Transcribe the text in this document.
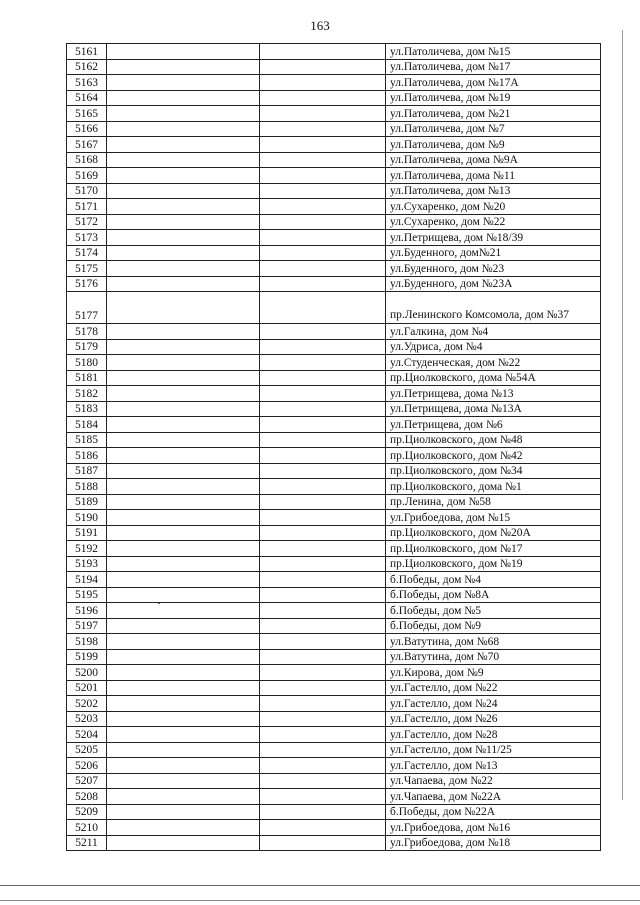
163
5161			ул.Патоличева, дом №15
5162			ул.Патоличева, дом №17
5163			ул.Патоличева, дом №17А
5164			ул.Патоличева, дом №19
5165			ул.Патоличева, дом №21
5166			ул.Патоличева, дом №7
5167			ул.Патоличева, дом №9
5168			ул.Патоличева, дома №9А
5169			ул.Патоличева, дома №11
5170			ул.Патоличева, дом №13
5171			ул.Сухаренко, дом №20
5172			ул.Сухаренко, дом №22
5173			ул.Петрищева, дом №18/39
5174			ул.Буденного, дом№21
5175			ул.Буденного, дом №23
5176			ул.Буденного, дом №23А
5177			пр.Ленинского Комсомола, дом №37
5178			ул.Галкина, дом №4
5179			ул.Удриса, дом №4
5180			ул.Студенческая, дом №22
5181			пр.Циолковского, дома №54А
5182			ул.Петрищева, дома №13
5183			ул.Петрищева, дома №13А
5184			ул.Петрищева, дом №6
5185			пр.Циолковского, дом №48
5186			пр.Циолковского, дом №42
5187			пр.Циолковского, дом №34
5188			пр.Циолковского, дома №1
5189			пр.Ленина, дом №58
5190			ул.Грибоедова, дом №15
5191			пр.Циолковского, дом №20А
5192			пр.Циолковского, дом №17
5193			пр.Циолковского, дом №19
5194			б.Победы, дом №4
5195			б.Победы, дом №8А
5196			б.Победы, дом №5
5197			б.Победы, дом №9
5198			ул.Ватутина, дом №68
5199			ул.Ватутина, дом №70
5200			ул.Кирова, дом №9
5201			ул.Гастелло, дом №22
5202			ул.Гастелло, дом №24
5203			ул.Гастелло, дом №26
5204			ул.Гастелло, дом №28
5205			ул.Гастелло, дом №11/25
5206			ул.Гастелло, дом №13
5207			ул.Чапаева, дом №22
5208			ул.Чапаева, дом №22А
5209			б.Победы, дом №22А
5210			ул.Грибоедова, дом №16
5211			ул.Грибоедова, дом №18
